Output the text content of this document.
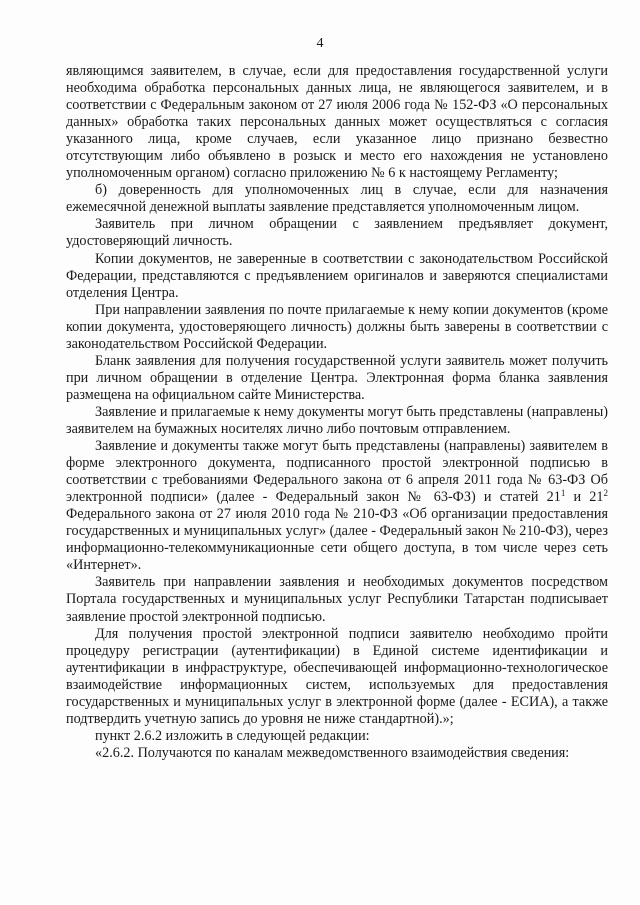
4

являющимся заявителем, в случае, если для предоставления государственной услуги необходима обработка персональных данных лица, не являющегося заявителем, и в соответствии с Федеральным законом от 27 июля 2006 года № 152-ФЗ «О персональных данных» обработка таких персональных данных может осуществляться с согласия указанного лица, кроме случаев, если указанное лицо признано безвестно отсутствующим либо объявлено в розыск и место его нахождения не установлено уполномоченным органом) согласно приложению № 6 к настоящему Регламенту;

б) доверенность для уполномоченных лиц в случае, если для назначения ежемесячной денежной выплаты заявление представляется уполномоченным лицом.

Заявитель при личном обращении с заявлением предъявляет документ, удостоверяющий личность.

Копии документов, не заверенные в соответствии с законодательством Российской Федерации, представляются с предъявлением оригиналов и заверяются специалистами отделения Центра.

При направлении заявления по почте прилагаемые к нему копии документов (кроме копии документа, удостоверяющего личность) должны быть заверены в соответствии с законодательством Российской Федерации.

Бланк заявления для получения государственной услуги заявитель может получить при личном обращении в отделение Центра. Электронная форма бланка заявления размещена на официальном сайте Министерства.

Заявление и прилагаемые к нему документы могут быть представлены (направлены) заявителем на бумажных носителях лично либо почтовым отправлением.

Заявление и документы также могут быть представлены (направлены) заявителем в форме электронного документа, подписанного простой электронной подписью в соответствии с требованиями Федерального закона от 6 апреля 2011 года № 63-ФЗ Об электронной подписи» (далее - Федеральный закон № 63-ФЗ) и статей $21^1$ и $21^2$ Федерального закона от 27 июля 2010 года № 210-ФЗ «Об организации предоставления государственных и муниципальных услуг» (далее - Федеральный закон № 210-ФЗ), через информационно-телекоммуникационные сети общего доступа, в том числе через сеть «Интернет».

Заявитель при направлении заявления и необходимых документов посредством Портала государственных и муниципальных услуг Республики Татарстан подписывает заявление простой электронной подписью.

Для получения простой электронной подписи заявителю необходимо пройти процедуру регистрации (аутентификации) в Единой системе идентификации и аутентификации в инфраструктуре, обеспечивающей информационно-технологическое взаимодействие информационных систем, используемых для предоставления государственных и муниципальных услуг в электронной форме (далее - ЕСИА), а также подтвердить учетную запись до уровня не ниже стандартной).»;

пункт 2.6.2 изложить в следующей редакции:

«2.6.2. Получаются по каналам межведомственного взаимодействия сведения:
